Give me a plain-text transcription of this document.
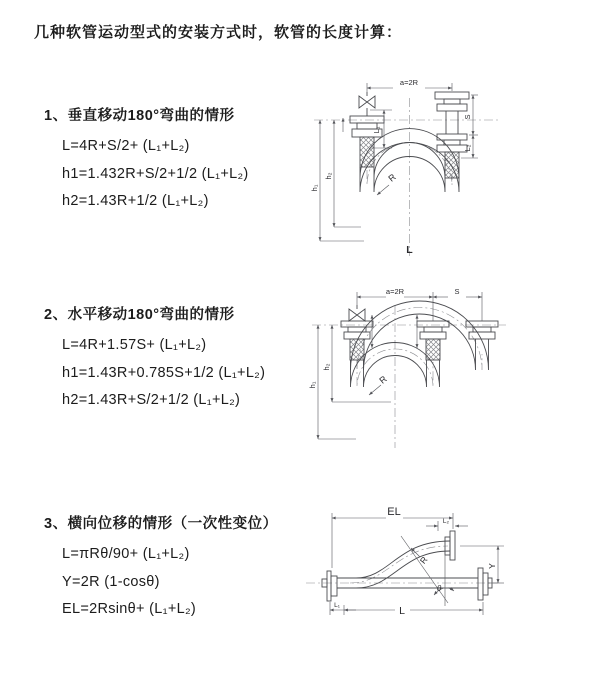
几种软管运动型式的安装方式时，软管的长度计算：
1、垂直移动180°弯曲的情形
L=4R+S/2+ (L₁+L₂)
h1=1.432R+S/2+1/2 (L₁+L₂)
h2=1.43R+1/2 (L₁+L₂)
2、水平移动180°弯曲的情形
L=4R+1.57S+ (L₁+L₂)
h1=1.43R+0.785S+1/2 (L₁+L₂)
h2=1.43R+S/2+1/2 (L₁+L₂)
3、横向位移的情形（一次性变位）
L=πRθ/90+ (L₁+L₂)
Y=2R (1-cosθ)
EL=2Rsinθ+ (L₁+L₂)
a=2R
L₁
S
L₂
h₁
h₂	R
L
a=2R	S
h₁
h₂
R
EL
L₂
Y
L
L₁
R
θ
